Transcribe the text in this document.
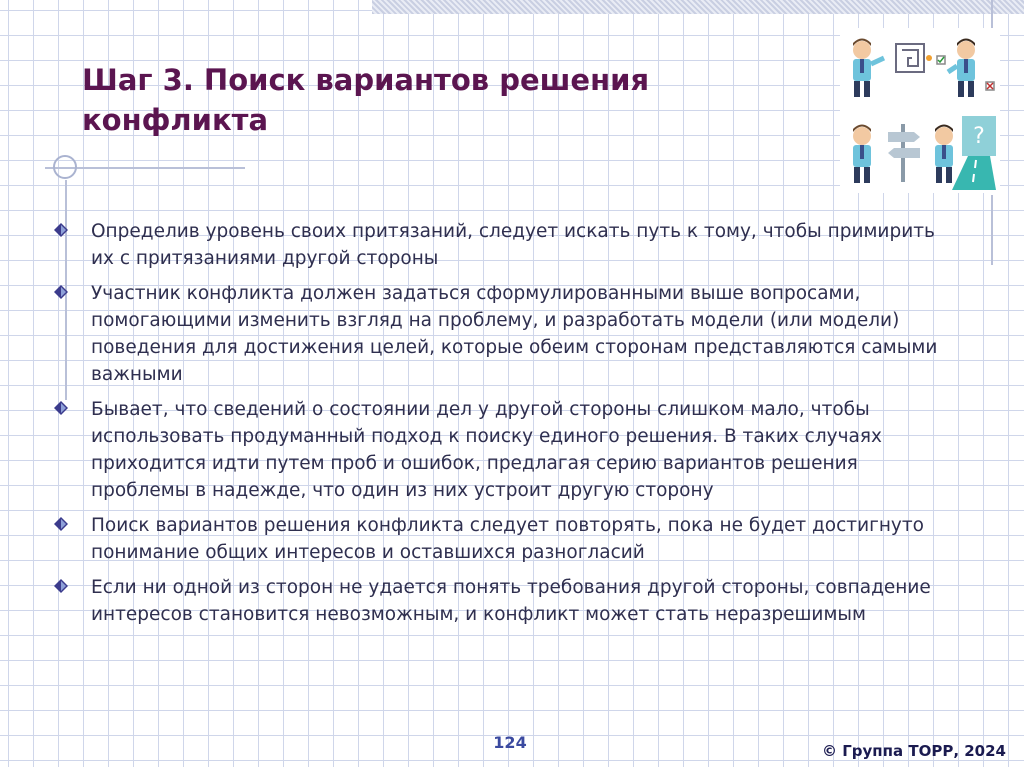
Шаг 3. Поиск вариантов решения конфликта	?
Определив уровень своих притязаний, следует искать путь к тому, чтобы примирить их с притязаниями другой стороны
Участник конфликта должен задаться сформулированными выше вопросами, помогающими изменить взгляд на проблему, и разработать модели (или модели) поведения для достижения целей, которые обеим сторонам представляются самыми важными
Бывает, что сведений о состоянии дел у другой стороны слишком мало, чтобы использовать продуманный подход к поиску единого решения. В таких случаях приходится идти путем проб и ошибок, предлагая серию вариантов решения проблемы в надежде, что один из них устроит другую сторону
Поиск вариантов решения конфликта следует повторять, пока не будет достигнуто понимание общих интересов и оставшихся разногласий
Если ни одной из сторон не удается понять требования другой стороны, совпадение интересов становится невозможным, и конфликт может стать неразрешимым
124	© Группа ТОРР, 2024
